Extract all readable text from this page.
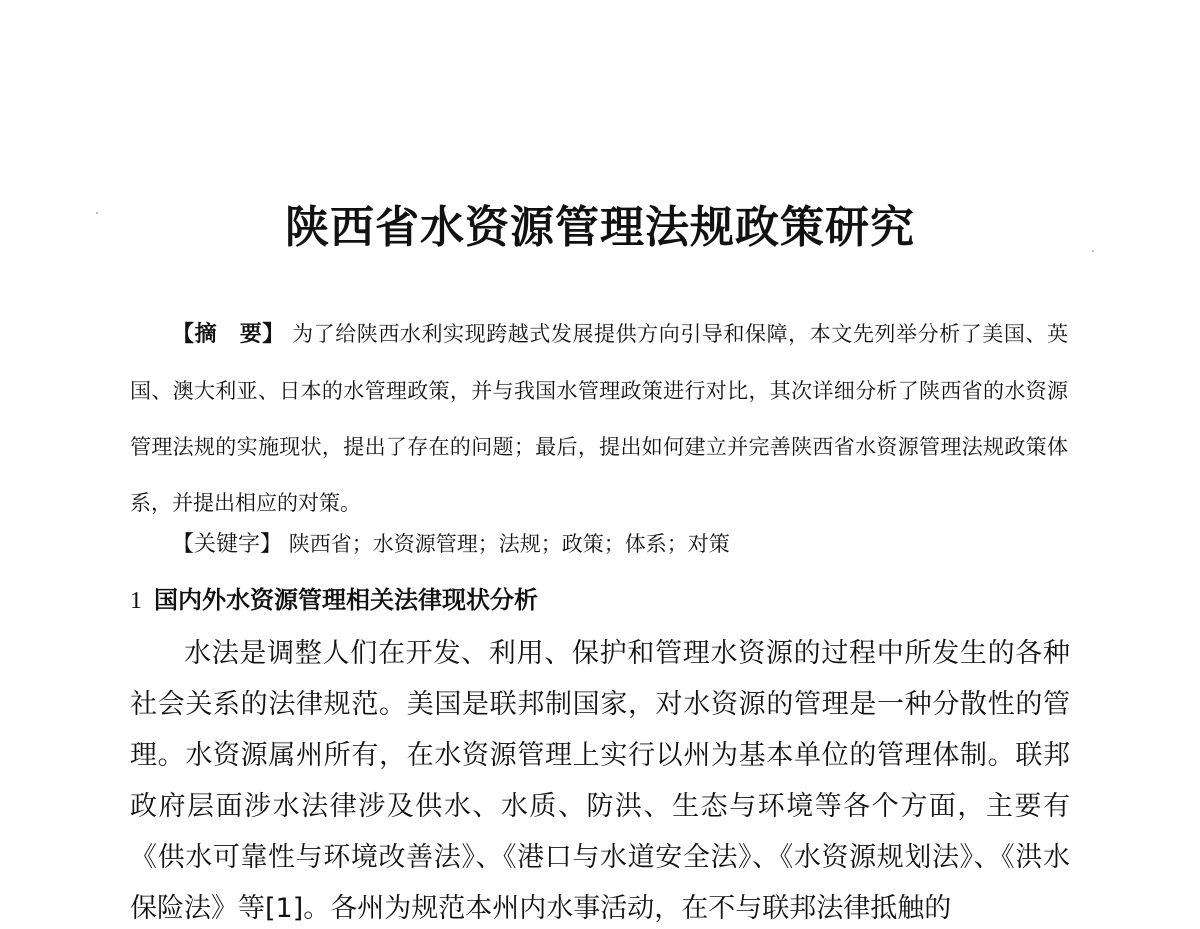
陕西省水资源管理法规政策研究
【摘　要】 为了给陕西水利实现跨越式发展提供方向引导和保障，本文先列举分析了美国、英国、澳大利亚、日本的水管理政策，并与我国水管理政策进行对比，其次详细分析了陕西省的水资源管理法规的实施现状，提出了存在的问题；最后，提出如何建立并完善陕西省水资源管理法规政策体系，并提出相应的对策。
【关键字】 陕西省；水资源管理；法规；政策；体系；对策
1 国内外水资源管理相关法律现状分析
水法是调整人们在开发、利用、保护和管理水资源的过程中所发生的各种社会关系的法律规范。美国是联邦制国家，对水资源的管理是一种分散性的管理。水资源属州所有，在水资源管理上实行以州为基本单位的管理体制。联邦政府层面涉水法律涉及供水、水质、防洪、生态与环境等各个方面，主要有《供水可靠性与环境改善法》、《港口与水道安全法》、《水资源规划法》、《洪水保险法》等[1]。各州为规范本州内水事活动，在不与联邦法律抵触的
